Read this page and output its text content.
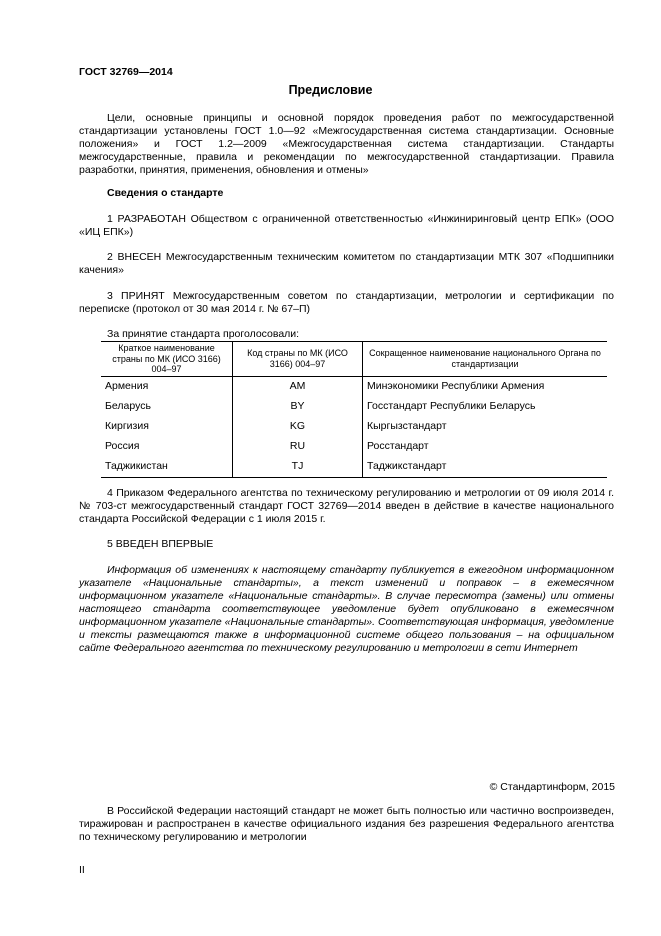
ГОСТ 32769—2014
Предисловие
Цели, основные принципы и основной порядок проведения работ по межгосударственной стандартизации установлены ГОСТ 1.0—92 «Межгосударственная система стандартизации. Основные положения» и ГОСТ 1.2—2009 «Межгосударственная система стандартизации. Стандарты межгосударственные, правила и рекомендации по межгосударственной стандартизации. Правила разработки, принятия, применения, обновления и отмены»
Сведения о стандарте
1 РАЗРАБОТАН Обществом с ограниченной ответственностью «Инжиниринговый центр ЕПК» (ООО «ИЦ ЕПК»)
2 ВНЕСЕН Межгосударственным техническим комитетом по стандартизации МТК 307 «Подшипники качения»
3 ПРИНЯТ Межгосударственным советом по стандартизации, метрологии и сертификации по переписке (протокол от 30 мая 2014 г. № 67–П)
За принятие стандарта проголосовали:
Краткое наименование страны по МК (ИСО 3166) 004–97	Код страны по МК (ИСО 3166) 004–97	Сокращенное наименование национального Органа по стандартизации
Армения	AM	Минэкономики Республики Армения
Беларусь	BY	Госстандарт Республики Беларусь
Киргизия	KG	Кыргызстандарт
Россия	RU	Росстандарт
Таджикистан	TJ	Таджикстандарт
4 Приказом Федерального агентства по техническому регулированию и метрологии от 09 июля 2014 г. № 703-ст межгосударственный стандарт ГОСТ 32769—2014 введен в действие в качестве национального стандарта Российской Федерации с 1 июля 2015 г.
5 ВВЕДЕН ВПЕРВЫЕ
Информация об изменениях к настоящему стандарту публикуется в ежегодном информационном указателе «Национальные стандарты», а текст изменений и поправок – в ежемесячном информационном указателе «Национальные стандарты». В случае пересмотра (замены) или отмены настоящего стандарта соответствующее уведомление будет опубликовано в ежемесячном информационном указателе «Национальные стандарты». Соответствующая информация, уведомление и тексты размещаются также в информационной системе общего пользования – на официальном сайте Федерального агентства по техническому регулированию и метрологии в сети Интернет
© Стандартинформ, 2015
В Российской Федерации настоящий стандарт не может быть полностью или частично воспроизведен, тиражирован и распространен в качестве официального издания без разрешения Федерального агентства по техническому регулированию и метрологии
II
